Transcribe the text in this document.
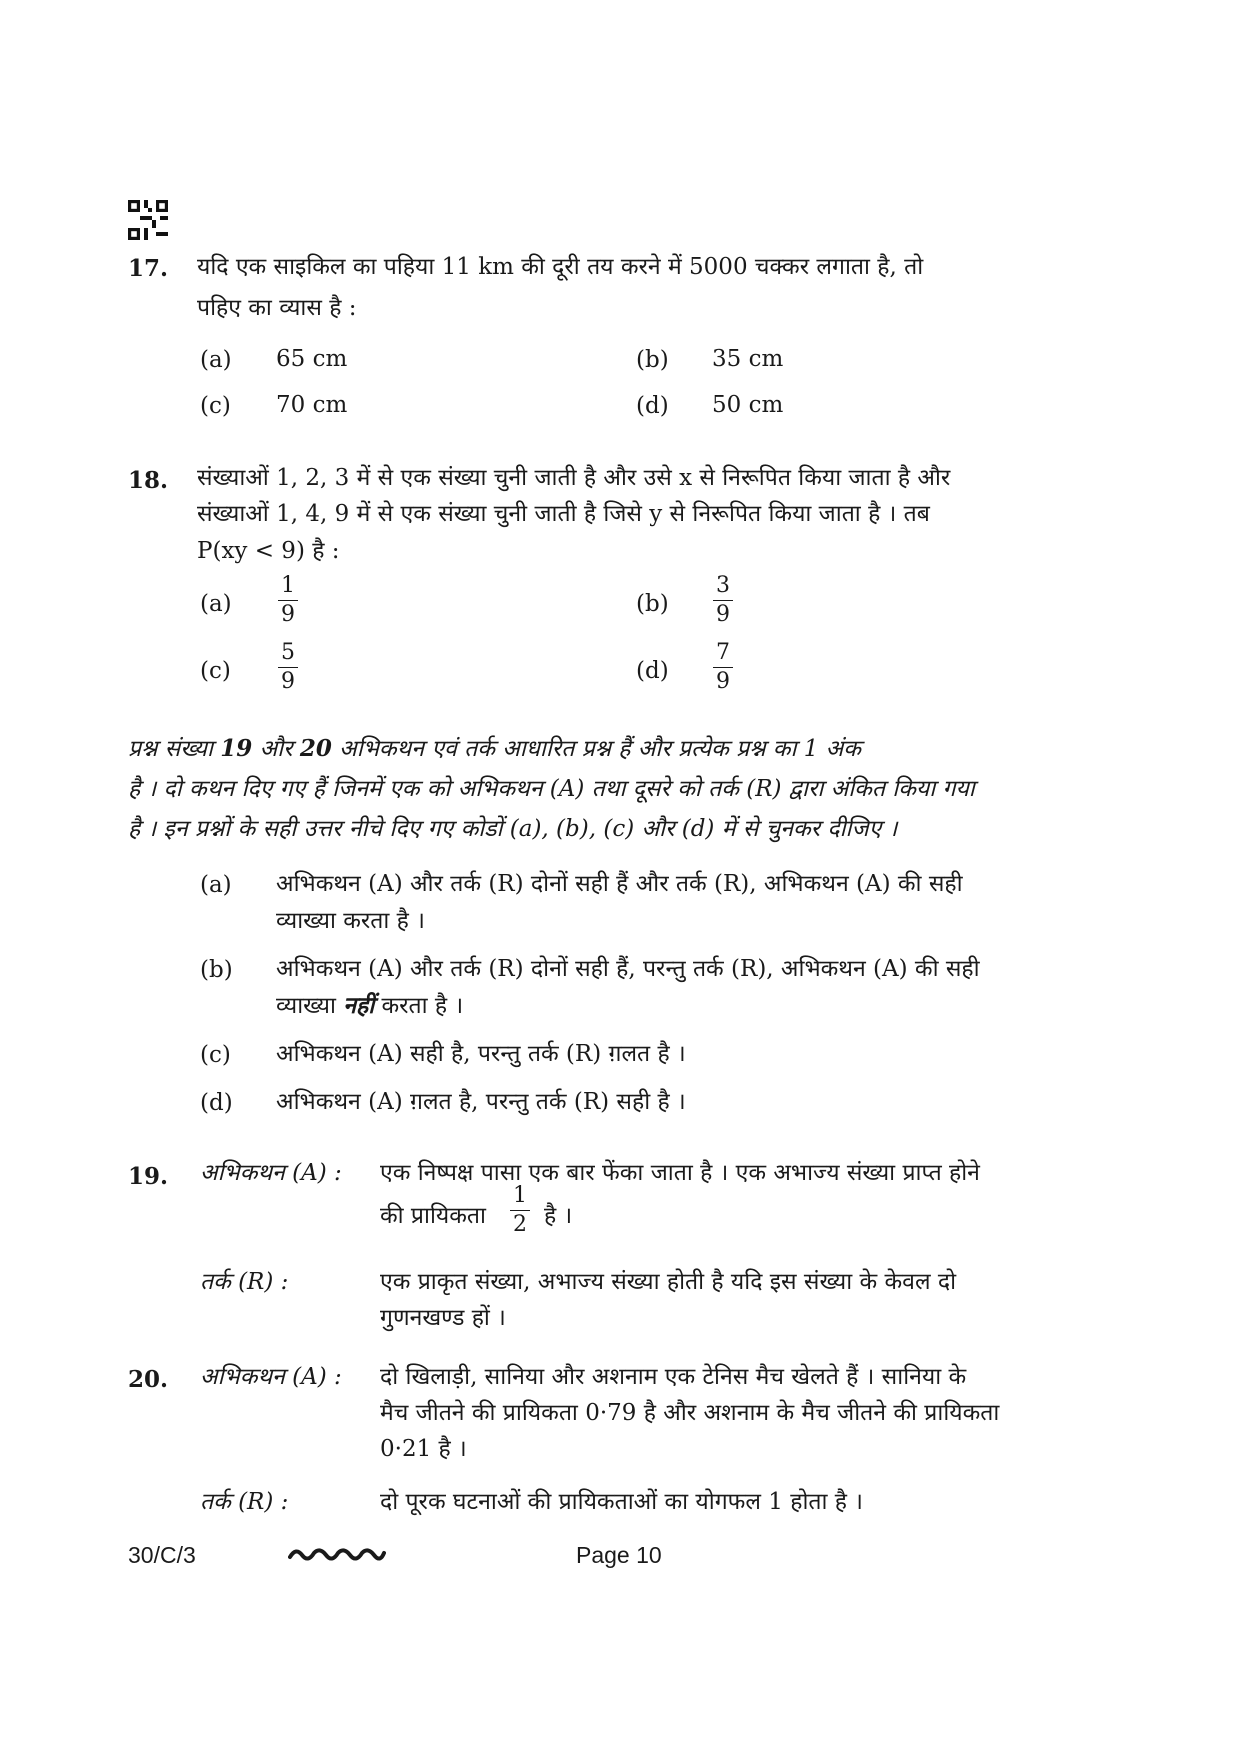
17. यदि एक साइकिल का पहिया 11 km की दूरी तय करने में 5000 चक्कर लगाता है, तो
पहिए का व्यास है :
(a) 65 cm	(b) 35 cm
(c) 70 cm	(d) 50 cm
18. संख्याओं 1, 2, 3 में से एक संख्या चुनी जाती है और उसे x से निरूपित किया जाता है और
संख्याओं 1, 4, 9 में से एक संख्या चुनी जाती है जिसे y से निरूपित किया जाता है । तब
P(xy < 9) है :
$(a) \frac{1}{9}$	$(b) \frac{3}{9}$
$(c) \frac{5}{9}$	$(d) \frac{7}{9}$
प्रश्न संख्या 19 और 20 अभिकथन एवं तर्क आधारित प्रश्न हैं और प्रत्येक प्रश्न का 1 अंक
है । दो कथन दिए गए हैं जिनमें एक को अभिकथन (A) तथा दूसरे को तर्क (R) द्वारा अंकित किया गया
है । इन प्रश्नों के सही उत्तर नीचे दिए गए कोडों (a), (b), (c) और (d) में से चुनकर दीजिए ।
(a) अभिकथन (A) और तर्क (R) दोनों सही हैं और तर्क (R), अभिकथन (A) की सही
व्याख्या करता है ।
(b) अभिकथन (A) और तर्क (R) दोनों सही हैं, परन्तु तर्क (R), अभिकथन (A) की सही
व्याख्या नहीं करता है ।
(c) अभिकथन (A) सही है, परन्तु तर्क (R) ग़लत है ।
(d) अभिकथन (A) ग़लत है, परन्तु तर्क (R) सही है ।
19. अभिकथन (A) : एक निष्पक्ष पासा एक बार फेंका जाता है । एक अभाज्य संख्या प्राप्त होने
की प्रायिकता $\frac{1}{2}$ है ।
तर्क (R) :	एक प्राकृत संख्या, अभाज्य संख्या होती है यदि इस संख्या के केवल दो
गुणनखण्ड हों ।
20. अभिकथन (A) : दो खिलाड़ी, सानिया और अशनाम एक टेनिस मैच खेलते हैं । सानिया के
मैच जीतने की प्रायिकता 0·79 है और अशनाम के मैच जीतने की प्रायिकता
0·21 है ।
तर्क (R) :	दो पूरक घटनाओं की प्रायिकताओं का योगफल 1 होता है ।
30/C/3	Page 10
